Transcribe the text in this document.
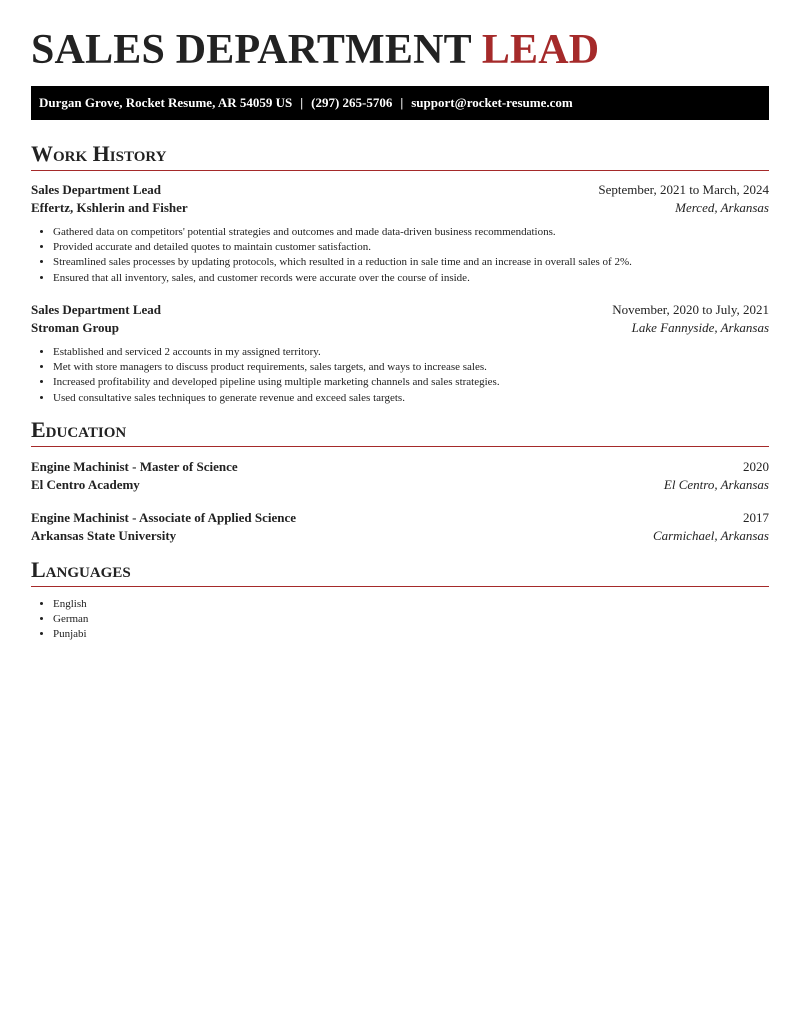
SALES DEPARTMENT LEAD
Durgan Grove, Rocket Resume, AR 54059 US | (297) 265-5706 | support@rocket-resume.com
Work History
Sales Department Lead	September, 2021 to March, 2024
Effertz, Kshlerin and Fisher	Merced, Arkansas
• Gathered data on competitors' potential strategies and outcomes and made data-driven business recommendations.
• Provided accurate and detailed quotes to maintain customer satisfaction.
• Streamlined sales processes by updating protocols, which resulted in a reduction in sale time and an increase in overall sales of 2%.
• Ensured that all inventory, sales, and customer records were accurate over the course of inside.
Sales Department Lead	November, 2020 to July, 2021
Stroman Group	Lake Fannyside, Arkansas
• Established and serviced 2 accounts in my assigned territory.
• Met with store managers to discuss product requirements, sales targets, and ways to increase sales.
• Increased profitability and developed pipeline using multiple marketing channels and sales strategies.
• Used consultative sales techniques to generate revenue and exceed sales targets.
Education
Engine Machinist - Master of Science	2020
El Centro Academy	El Centro, Arkansas
Engine Machinist - Associate of Applied Science	2017
Arkansas State University	Carmichael, Arkansas
Languages
• English
• German
• Punjabi
